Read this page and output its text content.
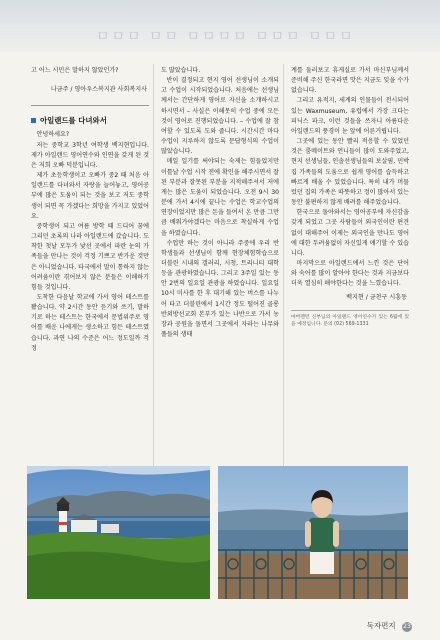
ㅁㅁㅁ ㅁㅁ ㅁㅁㅁㅁ ㅁㅁㅁ ㅁㅁㅁ

고 어느 시민은 말하지 않았던가?

나금주 / 영아우스복지관 사회복지사
아일랜드를 다녀와서

안녕하세요?

저는 중학교 3학년 여학생 백지현입니다. 제가 아일랜드 영어연수와 인연을 갖게 된 것은 저희 오빠 덕분입니다.

제가 초등학생이고 오빠가 중2 때 처음 아일랜드를 다녀와서 자랑을 늘어놓고, 영어공부에 많은 도움이 되는 것을 보고 저도 중학생이 되면 꼭 가겠다는 희망을 가지고 있었어요.

중학생이 되고 여름 방학 때 드디어 꿈에 그리던 초록의 나라 아일랜드에 갔습니다. 도착한 첫날 모두가 낯선 곳에서 파란 눈의 가족들을 만나는 것이 걱정 기쁘고 반가운 것만은 아니었습니다. 타국에서 말이 통하지 않는 어려움이란 겪어보지 않은 분들은 이해하기 힘들 것입니다.

도착한 다음날 학교에 가서 영어 테스트를 봤습니다. 약 2시간 동안 듣기와 쓰기, 말하기로 하는 테스트는 한국에서 문법위주로 영어를 배운 나에게는 생소하고 힘든 테스트였습니다. 과연 나의 수준은 어느 정도일까 걱정

도 많았습니다.

반이 결정되고 현지 영어 선생님이 소개되고 수업이 시작되었습니다. 처음에는 선생님께서는 간단하게 영어로 자신을 소개하시고 하시면서 – 사실은 이해못히 수업 중에 모든 것이 영어로 진행되었습니다. – 수업에 잘 참여할 수 있도록 도와 줍니다. 시간시간 마다 수업이 지루하지 않도록 문답형식의 수업이 많았습니다.

매일 일기를 써야되는 숙제는 힘들었지만 이틀날 수업 시작 전에 확인을 해주시면서 잘된 부분과 잘못된 부분을 지적해주셔서 저에게는 많은 도움이 되었습니다. 오전 9시 30분에 가서 4시에 끝나는 수업은 학교수업의 연장이었지만 많은 돈을 들여서 온 만큼 그만큼 배워가야겠다는 마음으로 착실하게 수업을 하였습니다.

수업만 하는 것이 아니라 주중에 우리 반 학생들과 선생님이 함께 현장체험학습으로 더블린 시내의 갤러리, 시청, 트리니티 대학 등을 관광하였습니다. 그리고 3주일 있는 동안 2번의 일요일 관광을 하였습니다. 일요일 10시 미사를 한 후 대기해 있는 버스를 나누어 타고 더블린에서 1시간 정도 떨어진 골롱반외방선교회 본부가 있는 나반으로 가서 농장과 공원을 돌면서 그곳에서 자라는 나무와 풀들의 생태

계를 둘러보고 휴게실로 가서 마신부님께서 준비해 주신 한국라면 맛은 지금도 잊을 수가 없습니다.

그리고 유적지, 세계의 인물들이 전시되어 있는 Waxmuseum, 유럽에서 가장 크다는 피닉스 파크, 이런 것들을 쓰자니 아름다운 아일랜드의 풍경이 눈 앞에 어른거립니다.

그곳에 있는 동안 빨리 적응할 수 있었던 것은 룸메이트와 언니들이 많이 도와주었고, 현지 선생님들, 인솔선생님들의 보살핌, 민박집 가족들의 도움으로 쉽게 영어를 습득하고 빠르게 배울 수 있었습니다. 특히 내가 머물렀던 집의 가족은 따뜻하고 정이 많아서 있는 동안 불편하지 않게 배려를 해주었습니다.

한국으로 돌아와서는 영어공부에 자신감을 갖게 되었고 그곳 사람들이 외국인이란 편견 없이 대해주어 이제는 외국인을 만나도 영어에 대한 두려움없이 자신있게 얘기할 수 있습니다.

마지막으로 아일랜드에서 느낀 것은 단어와 숙어를 많이 알아야 한다는 것과 지금보다 더욱 열심히 해야한다는 것을 느꼈습니다.

백지현 / 금천구 시흥동
마버렌턴 신부님의 아일랜드 영어연수가 있는 6월에 있을 예정입니다. 문의 (02) 569-1331
독자편지 23
